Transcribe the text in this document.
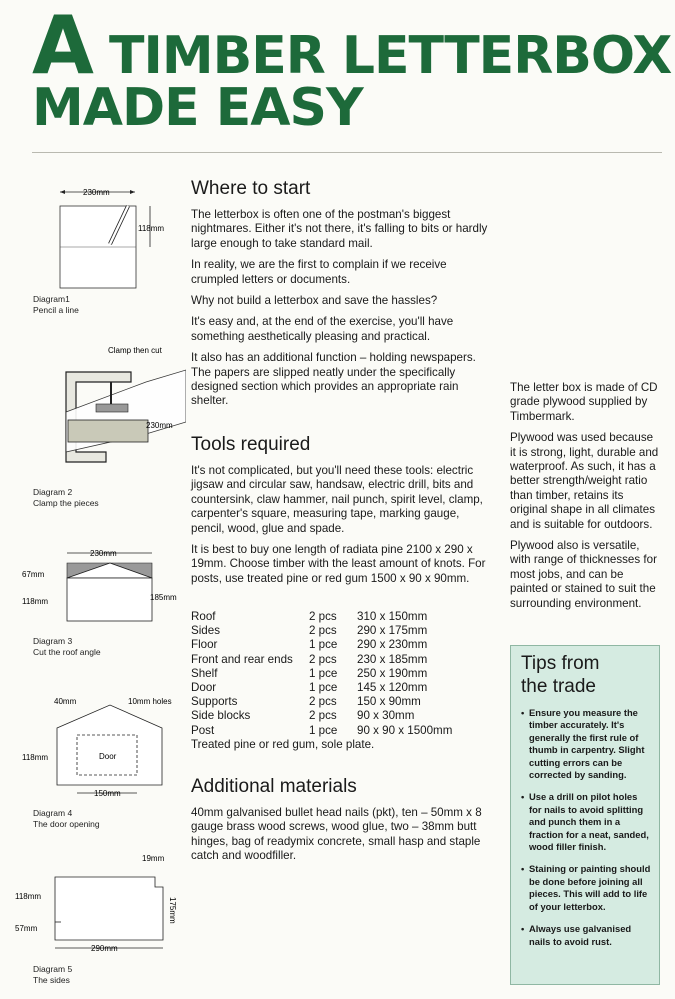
A TIMBER LETTERBOX
MADE EASY
230mm
118mm
Diagram1
Pencil a line
Clamp then cut
230mm
Diagram 2
Clamp the pieces
230mm
67mm
118mm	185mm
Diagram 3
Cut the roof angle
40mm	10mm holes
Door
118mm
150mm
Diagram 4
The door opening
19mm
118mm
57mm
175mm
290mm
Diagram 5
The sides
Where to start

The letterbox is often one of the postman's biggest nightmares. Either it's not there, it's falling to bits or hardly large enough to take standard mail.

In reality, we are the first to complain if we receive crumpled letters or documents.

Why not build a letterbox and save the hassles?

It's easy and, at the end of the exercise, you'll have something aesthetically pleasing and practical.

It also has an additional function – holding newspapers. The papers are slipped neatly under the specifically designed section which provides an appropriate rain shelter.

Tools required

It's not complicated, but you'll need these tools: electric jigsaw and circular saw, handsaw, electric drill, bits and countersink, claw hammer, nail punch, spirit level, clamp, carpenter's square, measuring tape, marking gauge, pencil, wood, glue and spade.

It is best to buy one length of radiata pine 2100 x 290 x 19mm. Choose timber with the least amount of knots. For posts, use treated pine or red gum 1500 x 90 x 90mm.

Roof	2 pcs	310 x 150mm
Sides	2 pcs	290 x 175mm
Floor	1 pce	290 x 230mm
Front and rear ends	2 pcs	230 x 185mm
Shelf	1 pce	250 x 190mm
Door	1 pce	145 x 120mm
Supports	2 pcs	150 x 90mm
Side blocks	2 pcs	90 x 30mm
Post	1 pce	90 x 90 x 1500mm
Treated pine or red gum, sole plate.
Additional materials
40mm galvanised bullet head nails (pkt), ten – 50mm x 8 gauge brass wood screws, wood glue, two – 38mm butt hinges, bag of readymix concrete, small hasp and staple catch and woodfiller.

The letter box is made of CD grade plywood supplied by Timbermark.

Plywood was used because it is strong, light, durable and waterproof. As such, it has a better strength/weight ratio than timber, retains its original shape in all climates and is suitable for outdoors.

Plywood also is versatile, with range of thicknesses for most jobs, and can be painted or stained to suit the surrounding environment.

Tips from
the trade
• Ensure you measure the timber accurately. It's generally the first rule of thumb in carpentry. Slight cutting errors can be corrected by sanding.
• Use a drill on pilot holes for nails to avoid splitting and punch them in a fraction for a neat, sanded, wood filler finish.
• Staining or painting should be done before joining all pieces. This will add to life of your letterbox.
• Always use galvanised nails to avoid rust.
